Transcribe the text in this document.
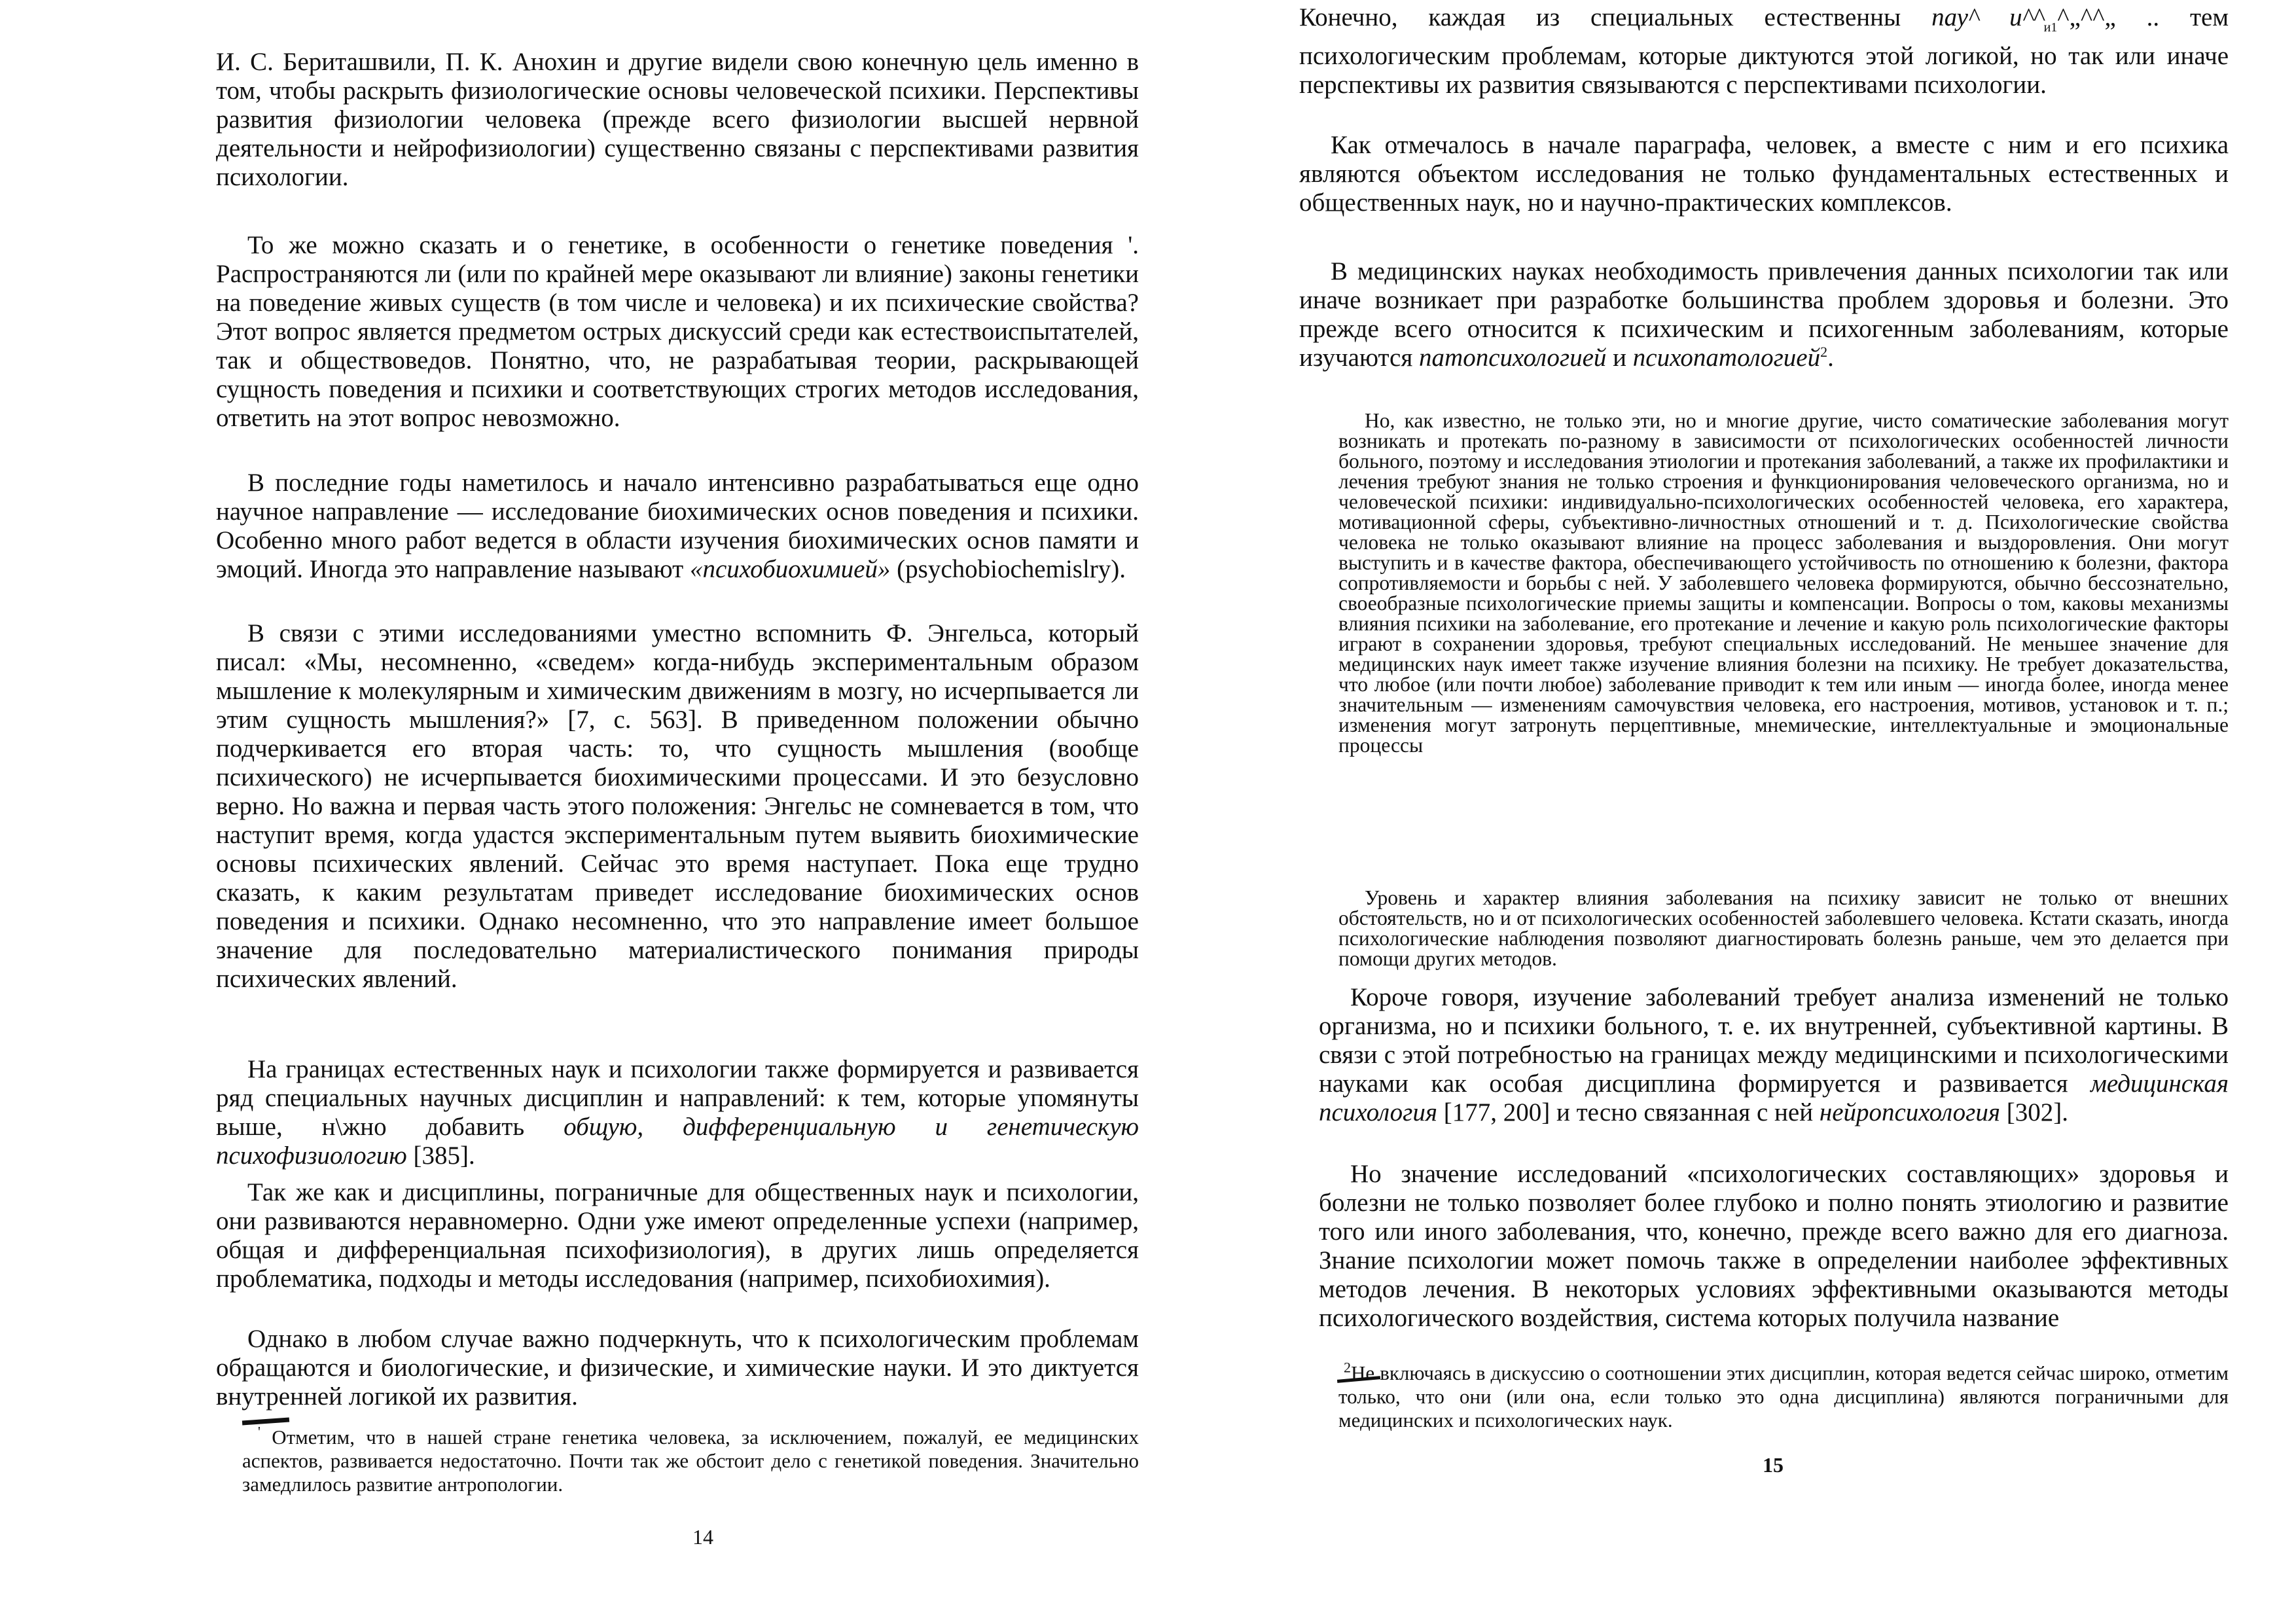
И. С. Бериташвили, П. К. Анохин и другие видели свою конечную цель именно в том, чтобы раскрыть физиологические основы человеческой психики. Перспективы развития физиологии человека (прежде всего физиологии высшей нервной деятельности и нейрофизиологии) существенно связаны с перспективами развития психологии.

То же можно сказать и о генетике, в особенности о генетике поведения '. Распространяются ли (или по крайней мере оказывают ли влияние) законы генетики на поведение живых существ (в том числе и человека) и их психические свойства? Этот вопрос является предметом острых дискуссий среди как естествоиспытателей, так и обществоведов. Понятно, что, не разрабатывая теории, раскрывающей сущность поведения и психики и соответствующих строгих методов исследования, ответить на этот вопрос невозможно.

В последние годы наметилось и начало интенсивно разрабатываться еще одно научное направление — исследование биохимических основ поведения и психики. Особенно много работ ведется в области изучения биохимических основ памяти и эмоций. Иногда это направление называют «психобиохимией» (psychobiochemislry).

В связи с этими исследованиями уместно вспомнить Ф. Энгельса, который писал: «Мы, несомненно, «сведем» когда-нибудь экспериментальным образом мышление к молекулярным и химическим движениям в мозгу, но исчерпывается ли этим сущность мышления?» [7, с. 563]. В приведенном положении обычно подчеркивается его вторая часть: то, что сущность мышления (вообще психического) не исчерпывается биохимическими процессами. И это безусловно верно. Но важна и первая часть этого положения: Энгельс не сомневается в том, что наступит время, когда удастся экспериментальным путем выявить биохимические основы психических явлений. Сейчас это время наступает. Пока еще трудно сказать, к каким результатам приведет исследование биохимических основ поведения и психики. Однако несомненно, что это направление имеет большое значение для последовательно материалистического понимания природы психических явлений.

На границах естественных наук и психологии также формируется и развивается ряд специальных научных дисциплин и направлений: к тем, которые упомянуты выше, н\жно добавить общую, дифференциальную и генетическую психофизиологию [385].

Так же как и дисциплины, пограничные для общественных наук и психологии, они развиваются неравномерно. Одни уже имеют определенные успехи (например, общая и дифференциальная психофизиология), в других лишь определяется проблематика, подходы и методы исследования (например, психобиохимия).

Однако в любом случае важно подчеркнуть, что к психологическим проблемам обращаются и биологические, и физические, и химические науки. И это диктуется внутренней логикой их развития.

' Отметим, что в нашей стране генетика человека, за исключением, пожалуй, ее медицинских аспектов, развивается недостаточно. Почти так же обстоит дело с генетикой поведения. Значительно замедлилось развитие антропологии.

14

Конечно, каждая из специальных естественны пау^ $и\^{}\^{}_{и1}\^{}„\^{}\^{}„$ .. тем психологическим проблемам, которые диктуются этой логикой, но так или иначе перспективы их развития связываются с перспективами психологии.

Как отмечалось в начале параграфа, человек, а вместе с ним и его психика являются объектом исследования не только фундаментальных естественных и общественных наук, но и научно-практических комплексов.

В медицинских науках необходимость привлечения данных психологии так или иначе возникает при разработке большинства проблем здоровья и болезни. Это прежде всего относится к психическим и психогенным заболеваниям, которые изучаются патопсихологией и психопатологией$^2$.

Но, как известно, не только эти, но и многие другие, чисто соматические заболевания могут возникать и протекать по-разному в зависимости от психологических особенностей личности больного, поэтому и исследования этиологии и протекания заболеваний, а также их профилактики и лечения требуют знания не только строения и функционирования человеческого организма, но и человеческой психики: индивидуально-психологических особенностей человека, его характера, мотивационной сферы, субъективно-личностных отношений и т. д. Психологические свойства человека не только оказывают влияние на процесс заболевания и выздоровления. Они могут выступить и в качестве фактора, обеспечивающего устойчивость по отношению к болезни, фактора сопротивляемости и борьбы с ней. У заболевшего человека формируются, обычно бессознательно, своеобразные психологические приемы защиты и компенсации. Вопросы о том, каковы механизмы влияния психики на заболевание, его протекание и лечение и какую роль психологические факторы играют в сохранении здоровья, требуют специальных исследований. Не меньшее значение для медицинских наук имеет также изучение влияния болезни на психику. Не требует доказательства, что любое (или почти любое) заболевание приводит к тем или иным — иногда более, иногда менее значительным — изменениям самочувствия человека, его настроения, мотивов, установок и т. п.; изменения могут затронуть перцептивные, мнемические, интеллектуальные и эмоциональные процессы

Уровень и характер влияния заболевания на психику зависит не только от внешних обстоятельств, но и от психологических особенностей заболевшего человека. Кстати сказать, иногда психологические наблюдения позволяют диагностировать болезнь раньше, чем это делается при помощи других методов.

Короче говоря, изучение заболеваний требует анализа изменений не только организма, но и психики больного, т. е. их внутренней, субъективной картины. В связи с этой потребностью на границах между медицинскими и психологическими науками как особая дисциплина формируется и развивается медицинская психология [177, 200] и тесно связанная с ней нейропсихология [302].

Но значение исследований «психологических составляющих» здоровья и болезни не только позволяет более глубоко и полно понять этиологию и развитие того или иного заболевания, что, конечно, прежде всего важно для его диагноза. Знание психологии может помочь также в определении наиболее эффективных методов лечения. В некоторых условиях эффективными оказываются методы психологического воздействия, система которых получила название

$^2$Не включаясь в дискуссию о соотношении этих дисциплин, которая ведется сейчас широко, отметим только, что они (или она, если только это одна дисциплина) являются пограничными для медицинских и психологических наук.

15
